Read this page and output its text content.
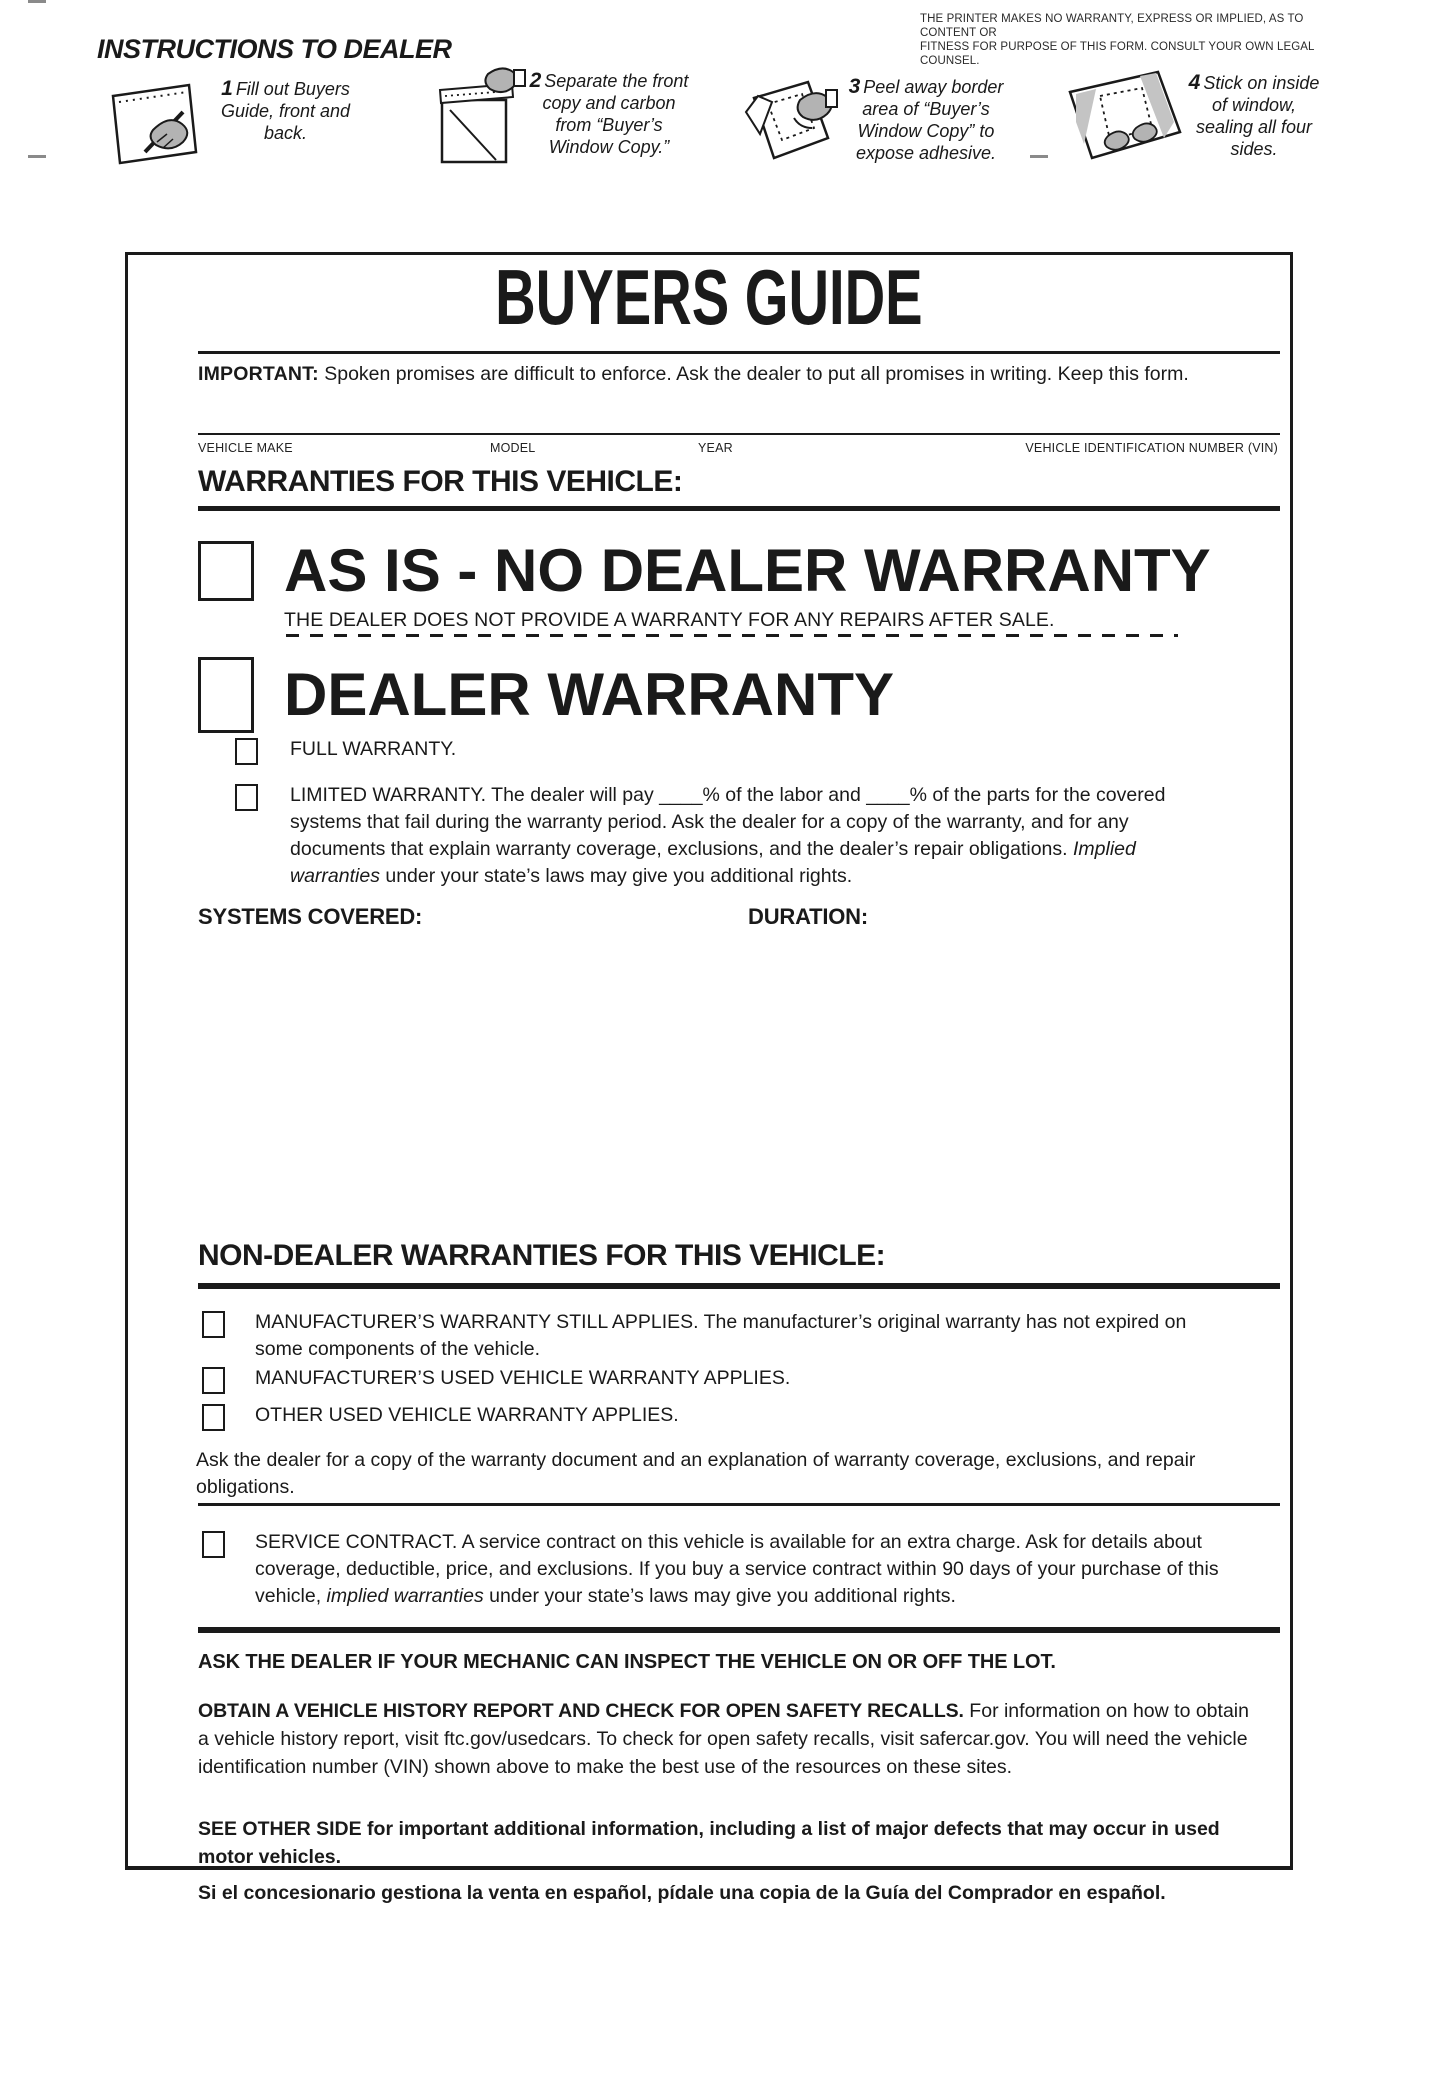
THE PRINTER MAKES NO WARRANTY, EXPRESS OR IMPLIED, AS TO CONTENT OR
FITNESS FOR PURPOSE OF THIS FORM. CONSULT YOUR OWN LEGAL COUNSEL.
INSTRUCTIONS TO DEALER
1 Fill out Buyers Guide, front and back.
2 Separate the front copy and carbon from “Buyer’s Window Copy.”
3 Peel away border area of “Buyer’s Window Copy” to expose adhesive.
4 Stick on inside of window, sealing all four sides.
BUYERS GUIDE
IMPORTANT: Spoken promises are difficult to enforce. Ask the dealer to put all promises in writing. Keep this form.
VEHICLE MAKE	MODEL	YEAR	VEHICLE IDENTIFICATION NUMBER (VIN)
WARRANTIES FOR THIS VEHICLE:
AS IS - NO DEALER WARRANTY
THE DEALER DOES NOT PROVIDE A WARRANTY FOR ANY REPAIRS AFTER SALE.
DEALER WARRANTY
FULL WARRANTY.
LIMITED WARRANTY. The dealer will pay ____% of the labor and ____% of the parts for the covered systems that fail during the warranty period. Ask the dealer for a copy of the warranty, and for any documents that explain warranty coverage, exclusions, and the dealer’s repair obligations. Implied warranties under your state’s laws may give you additional rights.
SYSTEMS COVERED:	DURATION:
NON-DEALER WARRANTIES FOR THIS VEHICLE:
MANUFACTURER’S WARRANTY STILL APPLIES. The manufacturer’s original warranty has not expired on some components of the vehicle.
MANUFACTURER’S USED VEHICLE WARRANTY APPLIES.
OTHER USED VEHICLE WARRANTY APPLIES.
Ask the dealer for a copy of the warranty document and an explanation of warranty coverage, exclusions, and repair obligations.
SERVICE CONTRACT. A service contract on this vehicle is available for an extra charge. Ask for details about coverage, deductible, price, and exclusions. If you buy a service contract within 90 days of your purchase of this vehicle, implied warranties under your state’s laws may give you additional rights.
ASK THE DEALER IF YOUR MECHANIC CAN INSPECT THE VEHICLE ON OR OFF THE LOT.
OBTAIN A VEHICLE HISTORY REPORT AND CHECK FOR OPEN SAFETY RECALLS. For information on how to obtain a vehicle history report, visit ftc.gov/usedcars. To check for open safety recalls, visit safercar.gov. You will need the vehicle identification number (VIN) shown above to make the best use of the resources on these sites.
SEE OTHER SIDE for important additional information, including a list of major defects that may occur in used motor vehicles.
Si el concesionario gestiona la venta en español, pídale una copia de la Guía del Comprador en español.
